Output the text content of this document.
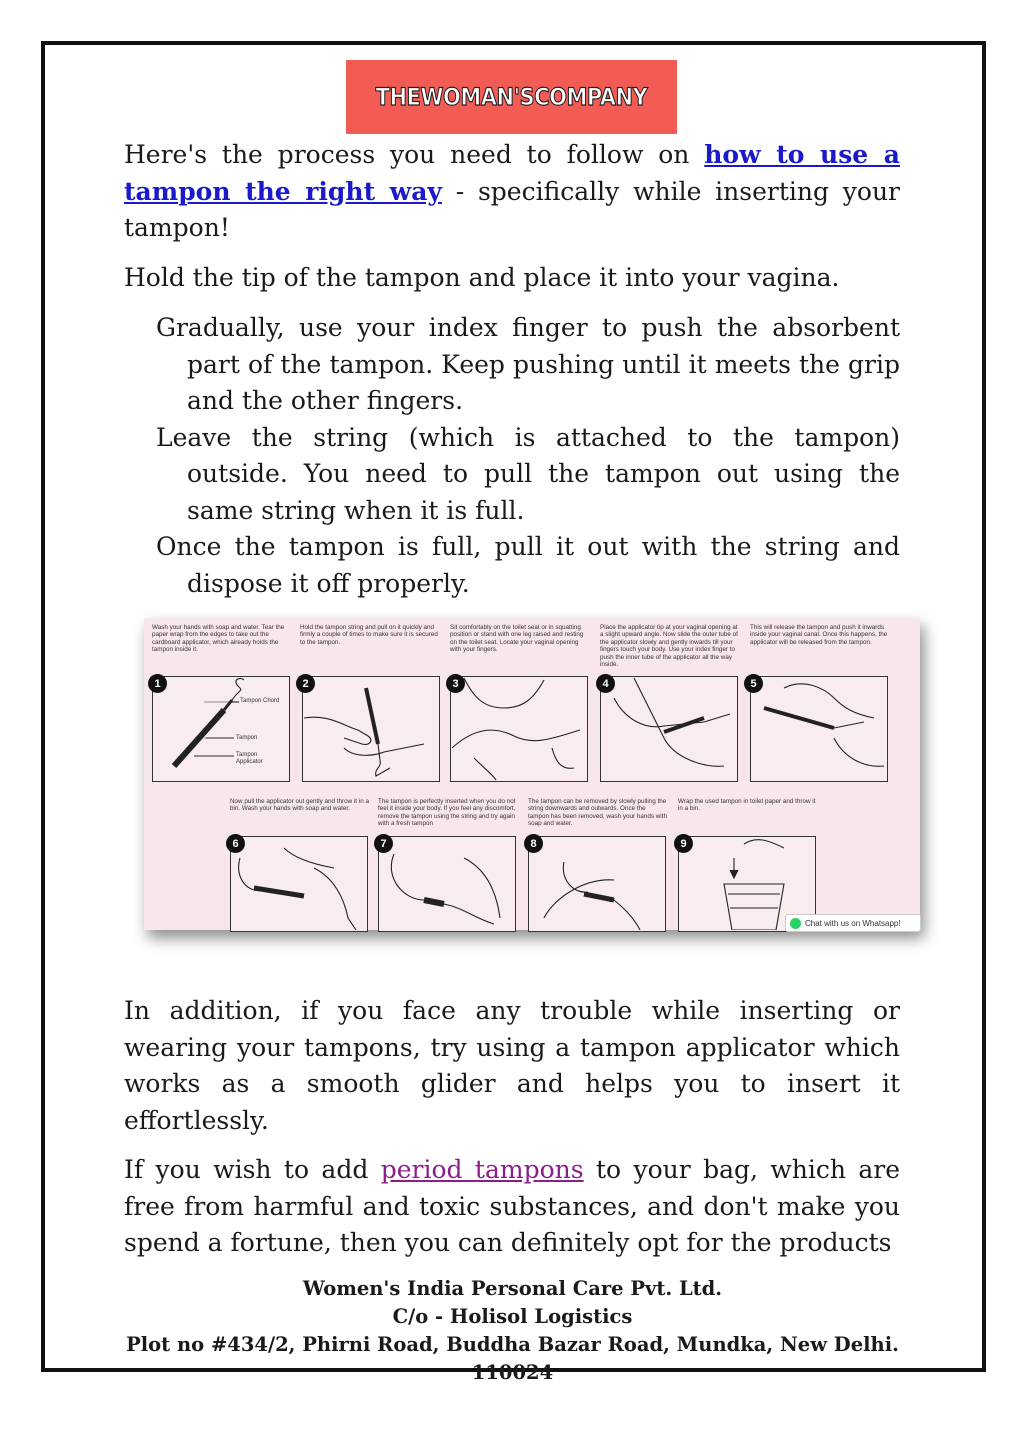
THEWOMAN'SCOMPANY

Here's the process you need to follow on how to use a tampon the right way - specifically while inserting your tampon!

Hold the tip of the tampon and place it into your vagina.

Gradually, use your index finger to push the absorbent part of the tampon. Keep pushing until it meets the grip and the other fingers.

Leave the string (which is attached to the tampon) outside. You need to pull the tampon out using the same string when it is full.

Once the tampon is full, pull it out with the string and dispose it off properly.

Wash your hands with soap and water. Tear the paper wrap from the edges to take out the cardboard applicator, which already holds the tampon inside it.
Hold the tampon string and pull on it quickly and firmly a couple of times to make sure it is secured to the tampon.
Sit comfortably on the toilet seat or in squatting position or stand with one leg raised and resting on the toilet seat. Locate your vaginal opening with your fingers.
Place the applicator tip at your vaginal opening at a slight upward angle. Now slide the outer tube of the applicator slowly and gently inwards till your fingers touch your body. Use your index finger to push the inner tube of the applicator all the way inside.
This will release the tampon and push it inwards inside your vaginal canal. Once this happens, the applicator will be released from the tampon.
Now pull the applicator out gently and throw it in a bin. Wash your hands with soap and water.
The tampon is perfectly inserted when you do not feel it inside your body. If you feel any discomfort, remove the tampon using the string and try again with a fresh tampon
The tampon can be removed by slowly pulling the string downwards and outwards. Once the tampon has been removed, wash your hands with soap and water.
Wrap the used tampon in toilet paper and throw it in a bin.
1	2	3	4	5
6	7	8	9
Tampon Chord
Tampon
Tampon Applicator
Chat with us on Whatsapp!

In addition, if you face any trouble while inserting or wearing your tampons, try using a tampon applicator which works as a smooth glider and helps you to insert it effortlessly.

If you wish to add period tampons to your bag, which are free from harmful and toxic substances, and don't make you spend a fortune, then you can definitely opt for the products

Women's India Personal Care Pvt. Ltd.
C/o - Holisol Logistics
Plot no #434/2, Phirni Road, Buddha Bazar Road, Mundka, New Delhi.
110024
